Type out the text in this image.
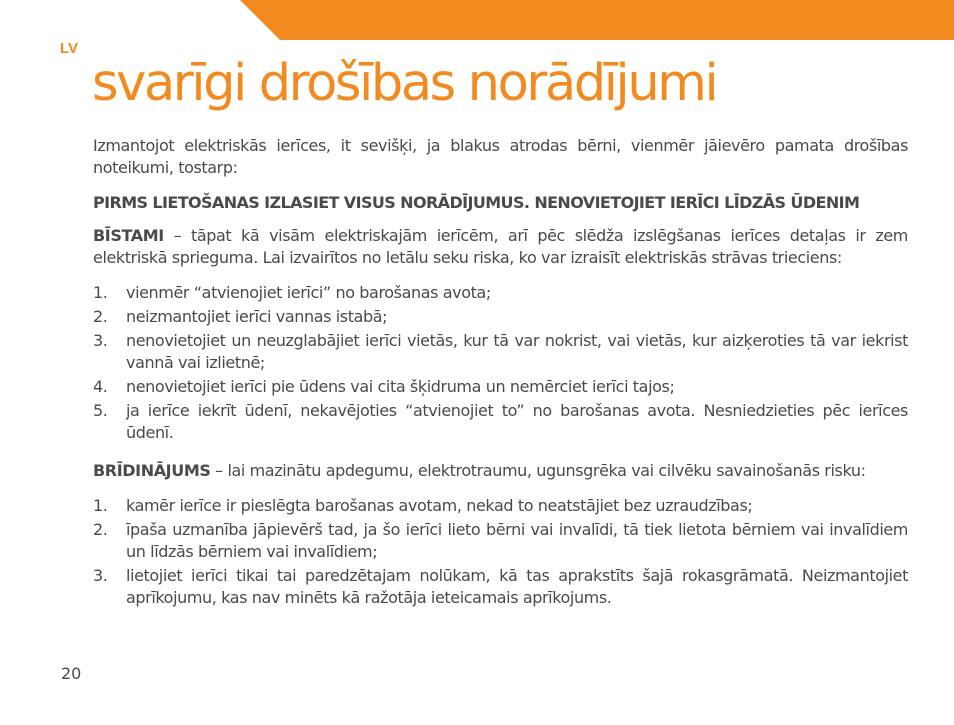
LV
svarīgi drošības norādījumi

Izmantojot elektriskās ierīces, it sevišķi, ja blakus atrodas bērni, vienmēr jāievēro pamata drošības noteikumi, tostarp:

PIRMS LIETOŠANAS IZLASIET VISUS NORĀDĪJUMUS. NENOVIETOJIET IERĪCI LĪDZĀS ŪDENIM

BĪSTAMI – tāpat kā visām elektriskajām ierīcēm, arī pēc slēdža izslēgšanas ierīces detaļas ir zem elektriskā sprieguma. Lai izvairītos no letālu seku riska, ko var izraisīt elektriskās strāvas trieciens:

1. vienmēr “atvienojiet ierīci” no barošanas avota;
2. neizmantojiet ierīci vannas istabā;
3. nenovietojiet un neuzglabājiet ierīci vietās, kur tā var nokrist, vai vietās, kur aizķeroties tā var iekrist vannā vai izlietnē;
4. nenovietojiet ierīci pie ūdens vai cita šķidruma un nemērciet ierīci tajos;
5. ja ierīce iekrīt ūdenī, nekavējoties “atvienojiet to” no barošanas avota. Nesniedzieties pēc ierīces ūdenī.

BRĪDINĀJUMS – lai mazinātu apdegumu, elektrotraumu, ugunsgrēka vai cilvēku savainošanās risku:

1. kamēr ierīce ir pieslēgta barošanas avotam, nekad to neatstājiet bez uzraudzības;
2. īpaša uzmanība jāpievērš tad, ja šo ierīci lieto bērni vai invalīdi, tā tiek lietota bērniem vai invalīdiem un līdzās bērniem vai invalīdiem;
3. lietojiet ierīci tikai tai paredzētajam nolūkam, kā tas aprakstīts šajā rokasgrāmatā. Neizmantojiet aprīkojumu, kas nav minēts kā ražotāja ieteicamais aprīkojums.
20
